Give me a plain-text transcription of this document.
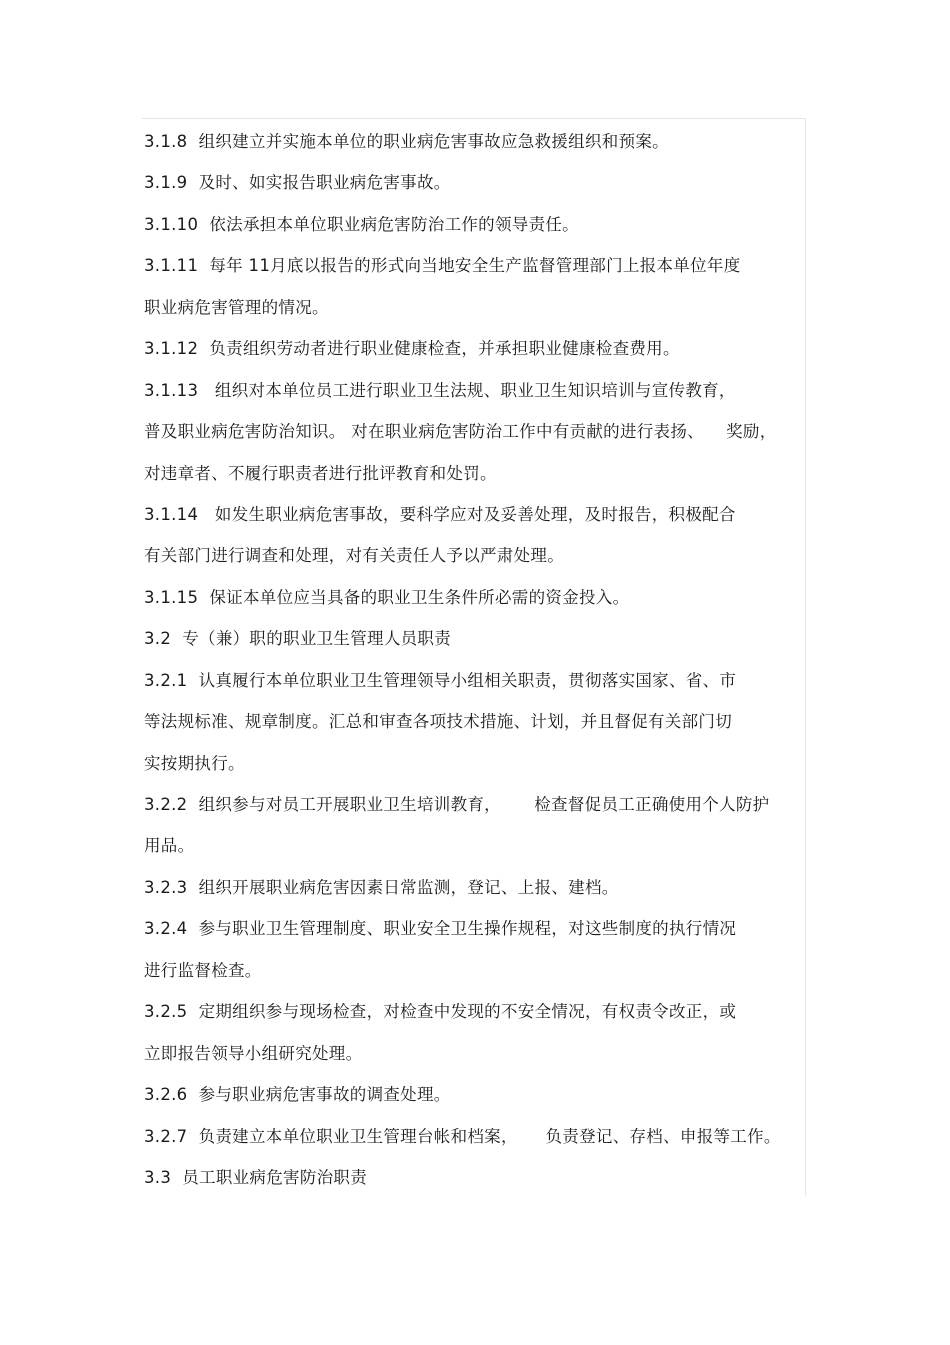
3.1.8  组织建立并实施本单位的职业病危害事故应急救援组织和预案。
3.1.9  及时、如实报告职业病危害事故。
3.1.10  依法承担本单位职业病危害防治工作的领导责任。
3.1.11  每年 11月底以报告的形式向当地安全生产监督管理部门上报本单位年度
职业病危害管理的情况。
3.1.12  负责组织劳动者进行职业健康检查，并承担职业健康检查费用。
3.1.13   组织对本单位员工进行职业卫生法规、职业卫生知识培训与宣传教育，
普及职业病危害防治知识。 对在职业病危害防治工作中有贡献的进行表扬、    奖励，
对违章者、不履行职责者进行批评教育和处罚。
3.1.14   如发生职业病危害事故，要科学应对及妥善处理，及时报告，积极配合
有关部门进行调查和处理，对有关责任人予以严肃处理。
3.1.15  保证本单位应当具备的职业卫生条件所必需的资金投入。
3.2  专（兼）职的职业卫生管理人员职责
3.2.1  认真履行本单位职业卫生管理领导小组相关职责，贯彻落实国家、省、市
等法规标准、规章制度。汇总和审查各项技术措施、计划，并且督促有关部门切
实按期执行。
3.2.2  组织参与对员工开展职业卫生培训教育，      检查督促员工正确使用个人防护
用品。
3.2.3  组织开展职业病危害因素日常监测，登记、上报、建档。
3.2.4  参与职业卫生管理制度、职业安全卫生操作规程，对这些制度的执行情况
进行监督检查。
3.2.5  定期组织参与现场检查，对检查中发现的不安全情况，有权责令改正，或
立即报告领导小组研究处理。
3.2.6  参与职业病危害事故的调查处理。
3.2.7  负责建立本单位职业卫生管理台帐和档案，     负责登记、存档、申报等工作。
3.3  员工职业病危害防治职责
